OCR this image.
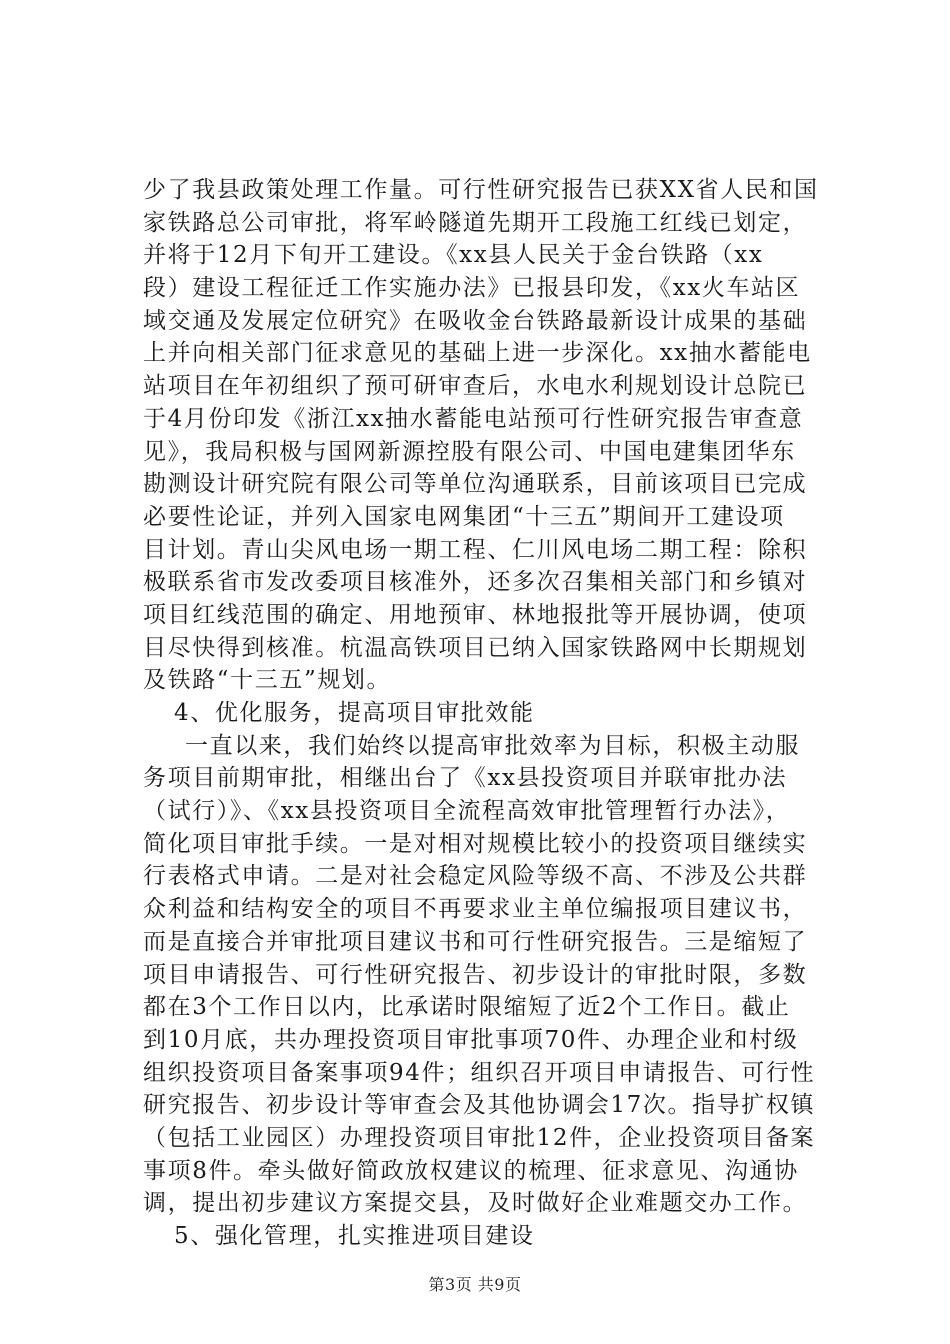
少了我县政策处理工作量。可行性研究报告已获XX省人民和国
家铁路总公司审批，将军岭隧道先期开工段施工红线已划定，
并将于12月下旬开工建设。《xx县人民关于金台铁路（xx
段）建设工程征迁工作实施办法》已报县印发，《xx火车站区
域交通及发展定位研究》在吸收金台铁路最新设计成果的基础
上并向相关部门征求意见的基础上进一步深化。xx抽水蓄能电
站项目在年初组织了预可研审查后，水电水利规划设计总院已
于4月份印发《浙江xx抽水蓄能电站预可行性研究报告审查意
见》，我局积极与国网新源控股有限公司、中国电建集团华东
勘测设计研究院有限公司等单位沟通联系，目前该项目已完成
必要性论证，并列入国家电网集团“十三五”期间开工建设项
目计划。青山尖风电场一期工程、仁川风电场二期工程：除积
极联系省市发改委项目核准外，还多次召集相关部门和乡镇对
项目红线范围的确定、用地预审、林地报批等开展协调，使项
目尽快得到核准。杭温高铁项目已纳入国家铁路网中长期规划
及铁路“十三五”规划。
4、优化服务，提高项目审批效能
一直以来，我们始终以提高审批效率为目标，积极主动服
务项目前期审批，相继出台了《xx县投资项目并联审批办法
（试行）》、《xx县投资项目全流程高效审批管理暂行办法》，
简化项目审批手续。一是对相对规模比较小的投资项目继续实
行表格式申请。二是对社会稳定风险等级不高、不涉及公共群
众利益和结构安全的项目不再要求业主单位编报项目建议书，
而是直接合并审批项目建议书和可行性研究报告。三是缩短了
项目申请报告、可行性研究报告、初步设计的审批时限，多数
都在3个工作日以内，比承诺时限缩短了近2个工作日。截止
到10月底，共办理投资项目审批事项70件、办理企业和村级
组织投资项目备案事项94件；组织召开项目申请报告、可行性
研究报告、初步设计等审查会及其他协调会17次。指导扩权镇
（包括工业园区）办理投资项目审批12件，企业投资项目备案
事项8件。牵头做好简政放权建议的梳理、征求意见、沟通协
调，提出初步建议方案提交县，及时做好企业难题交办工作。
5、强化管理，扎实推进项目建设
第3页 共9页
